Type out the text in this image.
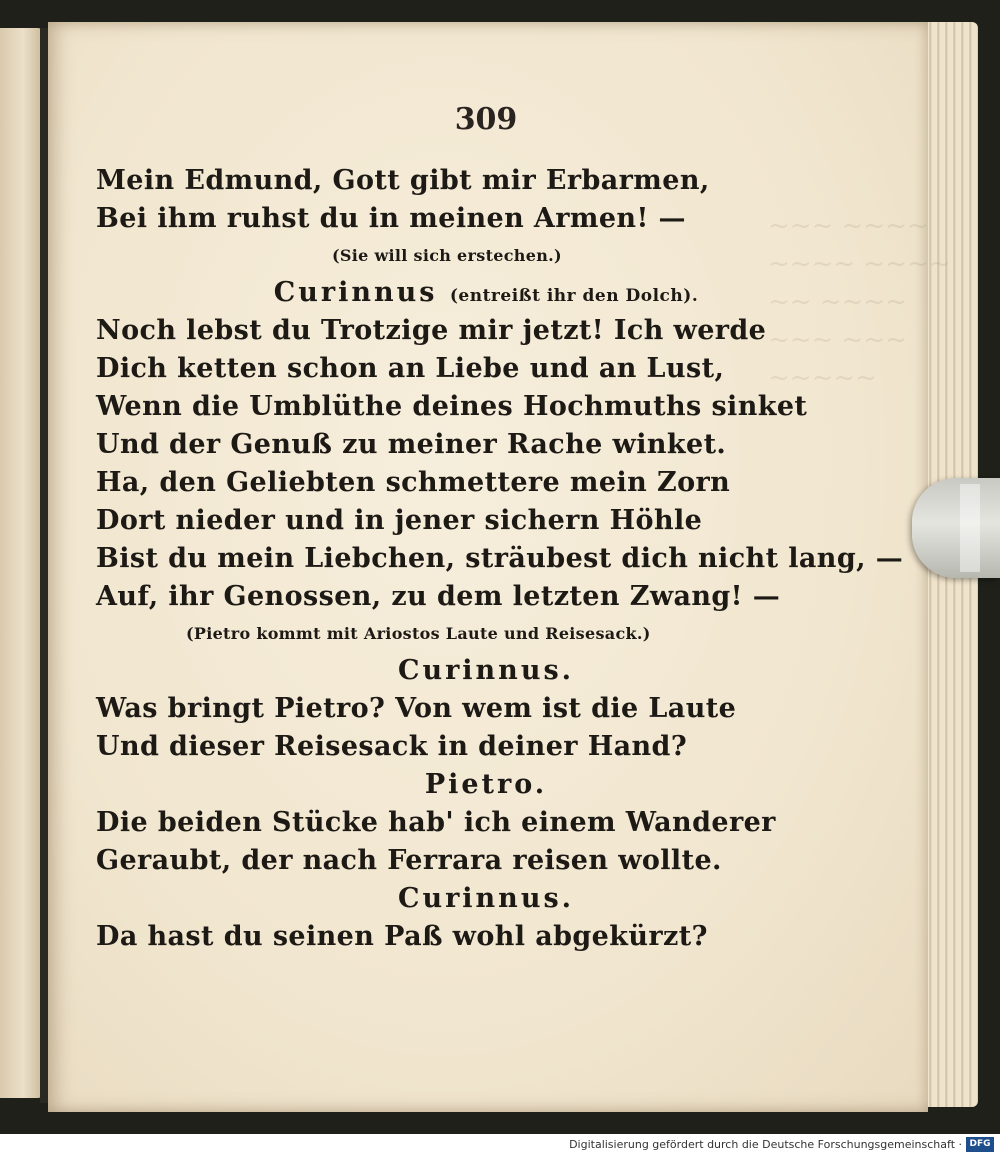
~~~ ~~~~
~~~~ ~~~~
~~ ~~~~
~~~ ~~~
~~~~~
309
Mein Edmund, Gott gibt mir Erbarmen,
Bei ihm ruhst du in meinen Armen! —
(Sie will sich erstechen.)
Curinnus (entreißt ihr den Dolch).
Noch lebst du Trotzige mir jetzt! Ich werde
Dich ketten schon an Liebe und an Lust,
Wenn die Umblüthe deines Hochmuths sinket
Und der Genuß zu meiner Rache winket.
Ha, den Geliebten schmettere mein Zorn
Dort nieder und in jener sichern Höhle
Bist du mein Liebchen, sträubest dich nicht lang, —
Auf, ihr Genossen, zu dem letzten Zwang! —
(Pietro kommt mit Ariostos Laute und Reisesack.)
Curinnus.
Was bringt Pietro? Von wem ist die Laute
Und dieser Reisesack in deiner Hand?
Pietro.
Die beiden Stücke hab' ich einem Wanderer
Geraubt, der nach Ferrara reisen wollte.
Curinnus.
Da hast du seinen Paß wohl abgekürzt?
Digitalisierung gefördert durch die Deutsche Forschungsgemeinschaft · DFG
